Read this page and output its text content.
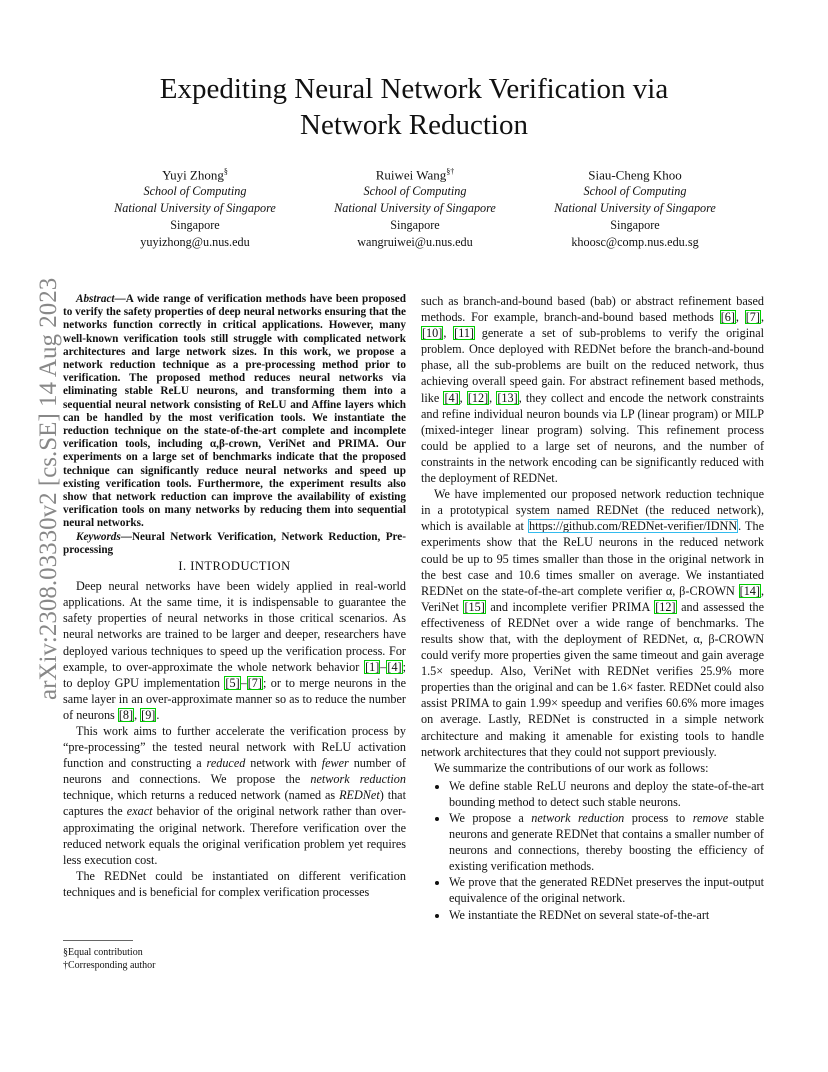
Expediting Neural Network Verification via
Network Reduction
Yuyi Zhong§
School of Computing
National University of Singapore
Singapore
yuyizhong@u.nus.edu
Ruiwei Wang§†
School of Computing
National University of Singapore
Singapore
wangruiwei@u.nus.edu
Siau-Cheng Khoo
School of Computing
National University of Singapore
Singapore
khoosc@comp.nus.edu.sg
arXiv:2308.03330v2 [cs.SE] 14 Aug 2023	Abstract—A wide range of verification methods have been proposed to verify the safety properties of deep neural networks ensuring that the networks function correctly in critical applications. However, many well-known verification tools still struggle with complicated network architectures and large network sizes. In this work, we propose a network reduction technique as a pre-processing method prior to verification. The proposed method reduces neural networks via eliminating stable ReLU neurons, and transforming them into a sequential neural network consisting of ReLU and Affine layers which can be handled by the most verification tools. We instantiate the reduction technique on the state-of-the-art complete and incomplete verification tools, including α,β-crown, VeriNet and PRIMA. Our experiments on a large set of benchmarks indicate that the proposed technique can significantly reduce neural networks and speed up existing verification tools. Furthermore, the experiment results also show that network reduction can improve the availability of existing verification tools on many networks by reducing them into sequential neural networks.

Keywords—Neural Network Verification, Network Reduction, Pre-processing

I. INTRODUCTION

Deep neural networks have been widely applied in real-world applications. At the same time, it is indispensable to guarantee the safety properties of neural networks in those critical scenarios. As neural networks are trained to be larger and deeper, researchers have deployed various techniques to speed up the verification process. For example, to over-approximate the whole network behavior [1]–[4]; to deploy GPU implementation [5]–[7]; or to merge neurons in the same layer in an over-approximate manner so as to reduce the number of neurons [8], [9].

This work aims to further accelerate the verification process by “pre-processing” the tested neural network with ReLU activation function and constructing a reduced network with fewer number of neurons and connections. We propose the network reduction technique, which returns a reduced network (named as REDNet) that captures the exact behavior of the original network rather than over-approximating the original network. Therefore verification over the reduced network equals the original verification problem yet requires less execution cost.

The REDNet could be instantiated on different verification techniques and is beneficial for complex verification processes

§Equal contribution
†Corresponding author

such as branch-and-bound based (bab) or abstract refinement based methods. For example, branch-and-bound based methods [6], [7], [10], [11] generate a set of sub-problems to verify the original problem. Once deployed with REDNet before the branch-and-bound phase, all the sub-problems are built on the reduced network, thus achieving overall speed gain. For abstract refinement based methods, like [4], [12], [13], they collect and encode the network constraints and refine individual neuron bounds via LP (linear program) or MILP (mixed-integer linear program) solving. This refinement process could be applied to a large set of neurons, and the number of constraints in the network encoding can be significantly reduced with the deployment of REDNet.

We have implemented our proposed network reduction technique in a prototypical system named REDNet (the reduced network), which is available at https://github.com/REDNet-verifier/IDNN. The experiments show that the ReLU neurons in the reduced network could be up to 95 times smaller than those in the original network in the best case and 10.6 times smaller on average. We instantiated REDNet on the state-of-the-art complete verifier α, β-CROWN [14], VeriNet [15] and incomplete verifier PRIMA [12] and assessed the effectiveness of REDNet over a wide range of benchmarks. The results show that, with the deployment of REDNet, α, β-CROWN could verify more properties given the same timeout and gain average 1.5× speedup. Also, VeriNet with REDNet verifies 25.9% more properties than the original and can be 1.6× faster. REDNet could also assist PRIMA to gain 1.99× speedup and verifies 60.6% more images on average. Lastly, REDNet is constructed in a simple network architecture and making it amenable for existing tools to handle network architectures that they could not support previously.

We summarize the contributions of our work as follows:

• We define stable ReLU neurons and deploy the state-of-the-art bounding method to detect such stable neurons.
• We propose a network reduction process to remove stable neurons and generate REDNet that contains a smaller number of neurons and connections, thereby boosting the efficiency of existing verification methods.
• We prove that the generated REDNet preserves the input-output equivalence of the original network.
• We instantiate the REDNet on several state-of-the-art
